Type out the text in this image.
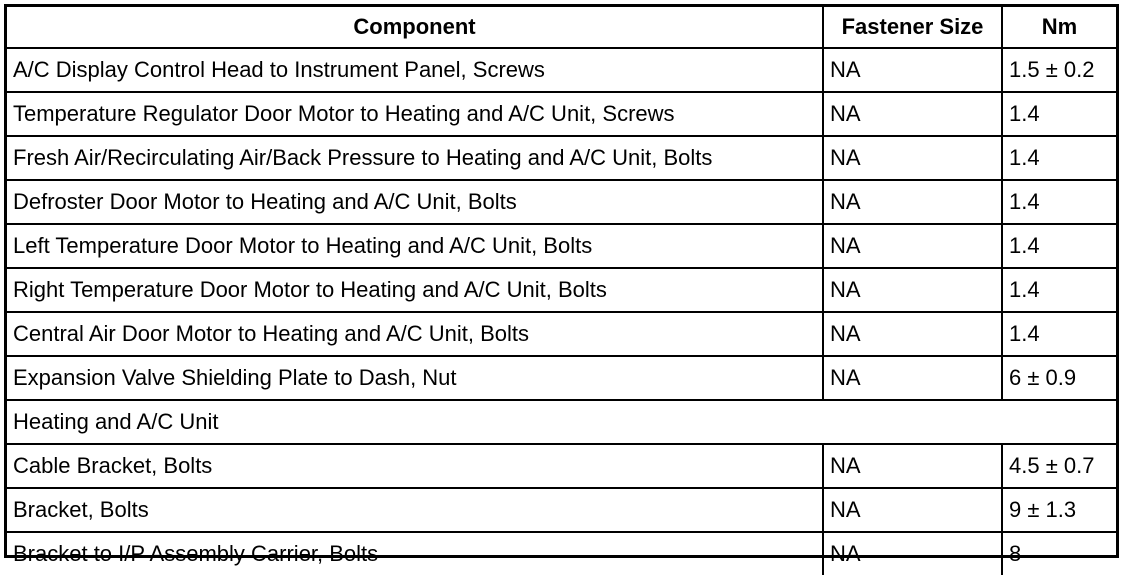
Component	Fastener Size	Nm
A/C Display Control Head to Instrument Panel, Screws	NA	1.5 ± 0.2
Temperature Regulator Door Motor to Heating and A/C Unit, Screws	NA	1.4
Fresh Air/Recirculating Air/Back Pressure to Heating and A/C Unit, Bolts	NA	1.4
Defroster Door Motor to Heating and A/C Unit, Bolts	NA	1.4
Left Temperature Door Motor to Heating and A/C Unit, Bolts	NA	1.4
Right Temperature Door Motor to Heating and A/C Unit, Bolts	NA	1.4
Central Air Door Motor to Heating and A/C Unit, Bolts	NA	1.4
Expansion Valve Shielding Plate to Dash, Nut	NA	6 ± 0.9
Heating and A/C Unit		
Cable Bracket, Bolts	NA	4.5 ± 0.7
Bracket, Bolts	NA	9 ± 1.3
Bracket to I/P Assembly Carrier, Bolts	NA	8
